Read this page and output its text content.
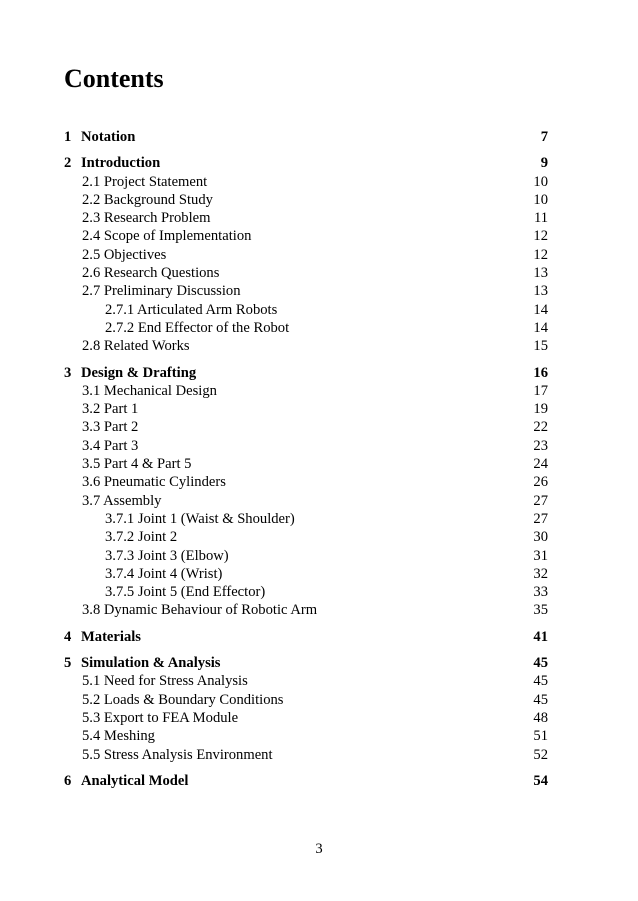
Contents
1 Notation	7
2 Introduction	9
2.1 Project Statement	10
2.2 Background Study	10
2.3 Research Problem	11
2.4 Scope of Implementation	12
2.5 Objectives	12
2.6 Research Questions	13
2.7 Preliminary Discussion	13
2.7.1 Articulated Arm Robots	14
2.7.2 End Effector of the Robot	14
2.8 Related Works	15
3 Design & Drafting	16
3.1 Mechanical Design	17
3.2 Part 1	19
3.3 Part 2	22
3.4 Part 3	23
3.5 Part 4 & Part 5	24
3.6 Pneumatic Cylinders	26
3.7 Assembly	27
3.7.1 Joint 1 (Waist & Shoulder)	27
3.7.2 Joint 2	30
3.7.3 Joint 3 (Elbow)	31
3.7.4 Joint 4 (Wrist)	32
3.7.5 Joint 5 (End Effector)	33
3.8 Dynamic Behaviour of Robotic Arm	35
4 Materials	41
5 Simulation & Analysis	45
5.1 Need for Stress Analysis	45
5.2 Loads & Boundary Conditions	45
5.3 Export to FEA Module	48
5.4 Meshing	51
5.5 Stress Analysis Environment	52
6 Analytical Model	54
3
